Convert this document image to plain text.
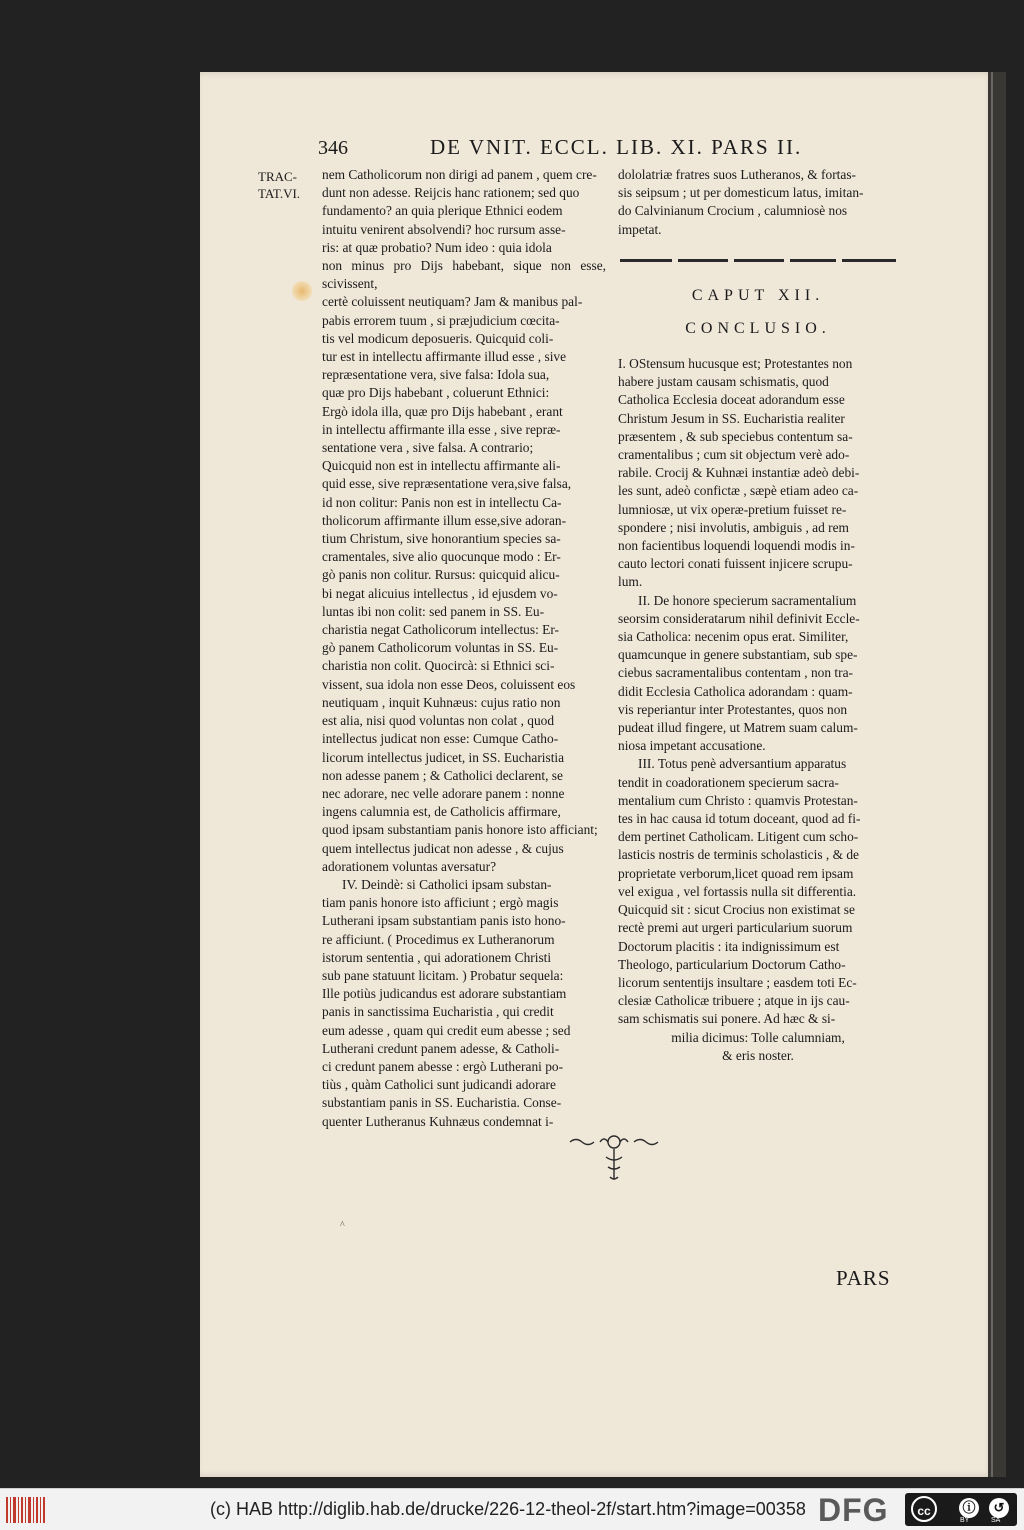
346	DE VNIT. ECCL. LIB. XI. PARS II.
TRAC-
TAT.VI.

nem Catholicorum non dirigi ad panem , quem cre-

dunt non adesse. Reijcis hanc rationem; sed quo

fundamento? an quia plerique Ethnici eodem

intuitu venirent absolvendi? hoc rursum asse-

ris: at quæ probatio? Num ideo : quia idola

non minus pro Dijs habebant, sique non esse, scivissent,

certè coluissent neutiquam? Jam & manibus pal-

pabis errorem tuum , si præjudicium cœcita-

tis vel modicum deposueris. Quicquid coli-

tur est in intellectu affirmante illud esse , sive

repræsentatione vera, sive falsa: Idola sua,

quæ pro Dijs habebant , coluerunt Ethnici:

Ergò idola illa, quæ pro Dijs habebant , erant

in intellectu affirmante illa esse , sive repræ-

sentatione vera , sive falsa. A contrario;

Quicquid non est in intellectu affirmante ali-

quid esse, sive repræsentatione vera,sive falsa,

id non colitur: Panis non est in intellectu Ca-

tholicorum affirmante illum esse,sive adoran-

tium Christum, sive honorantium species sa-

cramentales, sive alio quocunque modo : Er-

gò panis non colitur. Rursus: quicquid alicu-

bi negat alicuius intellectus , id ejusdem vo-

luntas ibi non colit: sed panem in SS. Eu-

charistia negat Catholicorum intellectus: Er-

gò panem Catholicorum voluntas in SS. Eu-

charistia non colit. Quocircà: si Ethnici sci-

vissent, sua idola non esse Deos, coluissent eos

neutiquam , inquit Kuhnæus: cujus ratio non

est alia, nisi quod voluntas non colat , quod

intellectus judicat non esse: Cumque Catho-

licorum intellectus judicet, in SS. Eucharistia

non adesse panem ; & Catholici declarent, se

nec adorare, nec velle adorare panem : nonne

ingens calumnia est, de Catholicis affirmare,

quod ipsam substantiam panis honore isto afficiant;

quem intellectus judicat non adesse , & cujus

adorationem voluntas aversatur?

IV. Deindè: si Catholici ipsam substan-

tiam panis honore isto afficiunt ; ergò magis

Lutherani ipsam substantiam panis isto hono-

re afficiunt. ( Procedimus ex Lutheranorum

istorum sententia , qui adorationem Christi

sub pane statuunt licitam. ) Probatur sequela:

Ille potiùs judicandus est adorare substantiam

panis in sanctissima Eucharistia , qui credit

eum adesse , quam qui credit eum abesse ; sed

Lutherani credunt panem adesse, & Catholi-

ci credunt panem abesse : ergò Lutherani po-

tiùs , quàm Catholici sunt judicandi adorare

substantiam panis in SS. Eucharistia. Conse-

quenter Lutheranus Kuhnæus condemnat i-

dololatriæ fratres suos Lutheranos, & fortas-

sis seipsum ; ut per domesticum latus, imitan-

do Calvinianum Crocium , calumniosè nos

impetat.

CAPUT XII.
CONCLUSIO.

I. OStensum hucusque est; Protestantes non

habere justam causam schismatis, quod

Catholica Ecclesia doceat adorandum esse

Christum Jesum in SS. Eucharistia realiter

præsentem , & sub speciebus contentum sa-

cramentalibus ; cum sit objectum verè ado-

rabile. Crocij & Kuhnæi instantiæ adeò debi-

les sunt, adeò confictæ , sæpè etiam adeo ca-

lumniosæ, ut vix operæ-pretium fuisset re-

spondere ; nisi involutis, ambiguis , ad rem

non facientibus loquendi loquendi modis in-

cauto lectori conati fuissent injicere scrupu-

lum.

II. De honore specierum sacramentalium

seorsim consideratarum nihil definivit Eccle-

sia Catholica: necenim opus erat. Similiter,

quamcunque in genere substantiam, sub spe-

ciebus sacramentalibus contentam , non tra-

didit Ecclesia Catholica adorandam : quam-

vis reperiantur inter Protestantes, quos non

pudeat illud fingere, ut Matrem suam calum-

niosa impetant accusatione.

III. Totus penè adversantium apparatus

tendit in coadorationem specierum sacra-

mentalium cum Christo : quamvis Protestan-

tes in hac causa id totum doceant, quod ad fi-

dem pertinet Catholicam. Litigent cum scho-

lasticis nostris de terminis scholasticis , & de

proprietate verborum,licet quoad rem ipsam

vel exigua , vel fortassis nulla sit differentia.

Quicquid sit : sicut Crocius non existimat se

rectè premi aut urgeri particularium suorum

Doctorum placitis : ita indignissimum est

Theologo, particularium Doctorum Catho-

licorum sententijs insultare ; easdem toti Ec-

clesiæ Catholicæ tribuere ; atque in ijs cau-

sam schismatis sui ponere. Ad hæc & si-

milia dicimus: Tolle calumniam,

& eris noster.

^
PARS
(c) HAB http://diglib.hab.de/drucke/226-12-theol-2f/start.htm?image=00358 DFG	cc	ⓘ	↺
BY	SA
